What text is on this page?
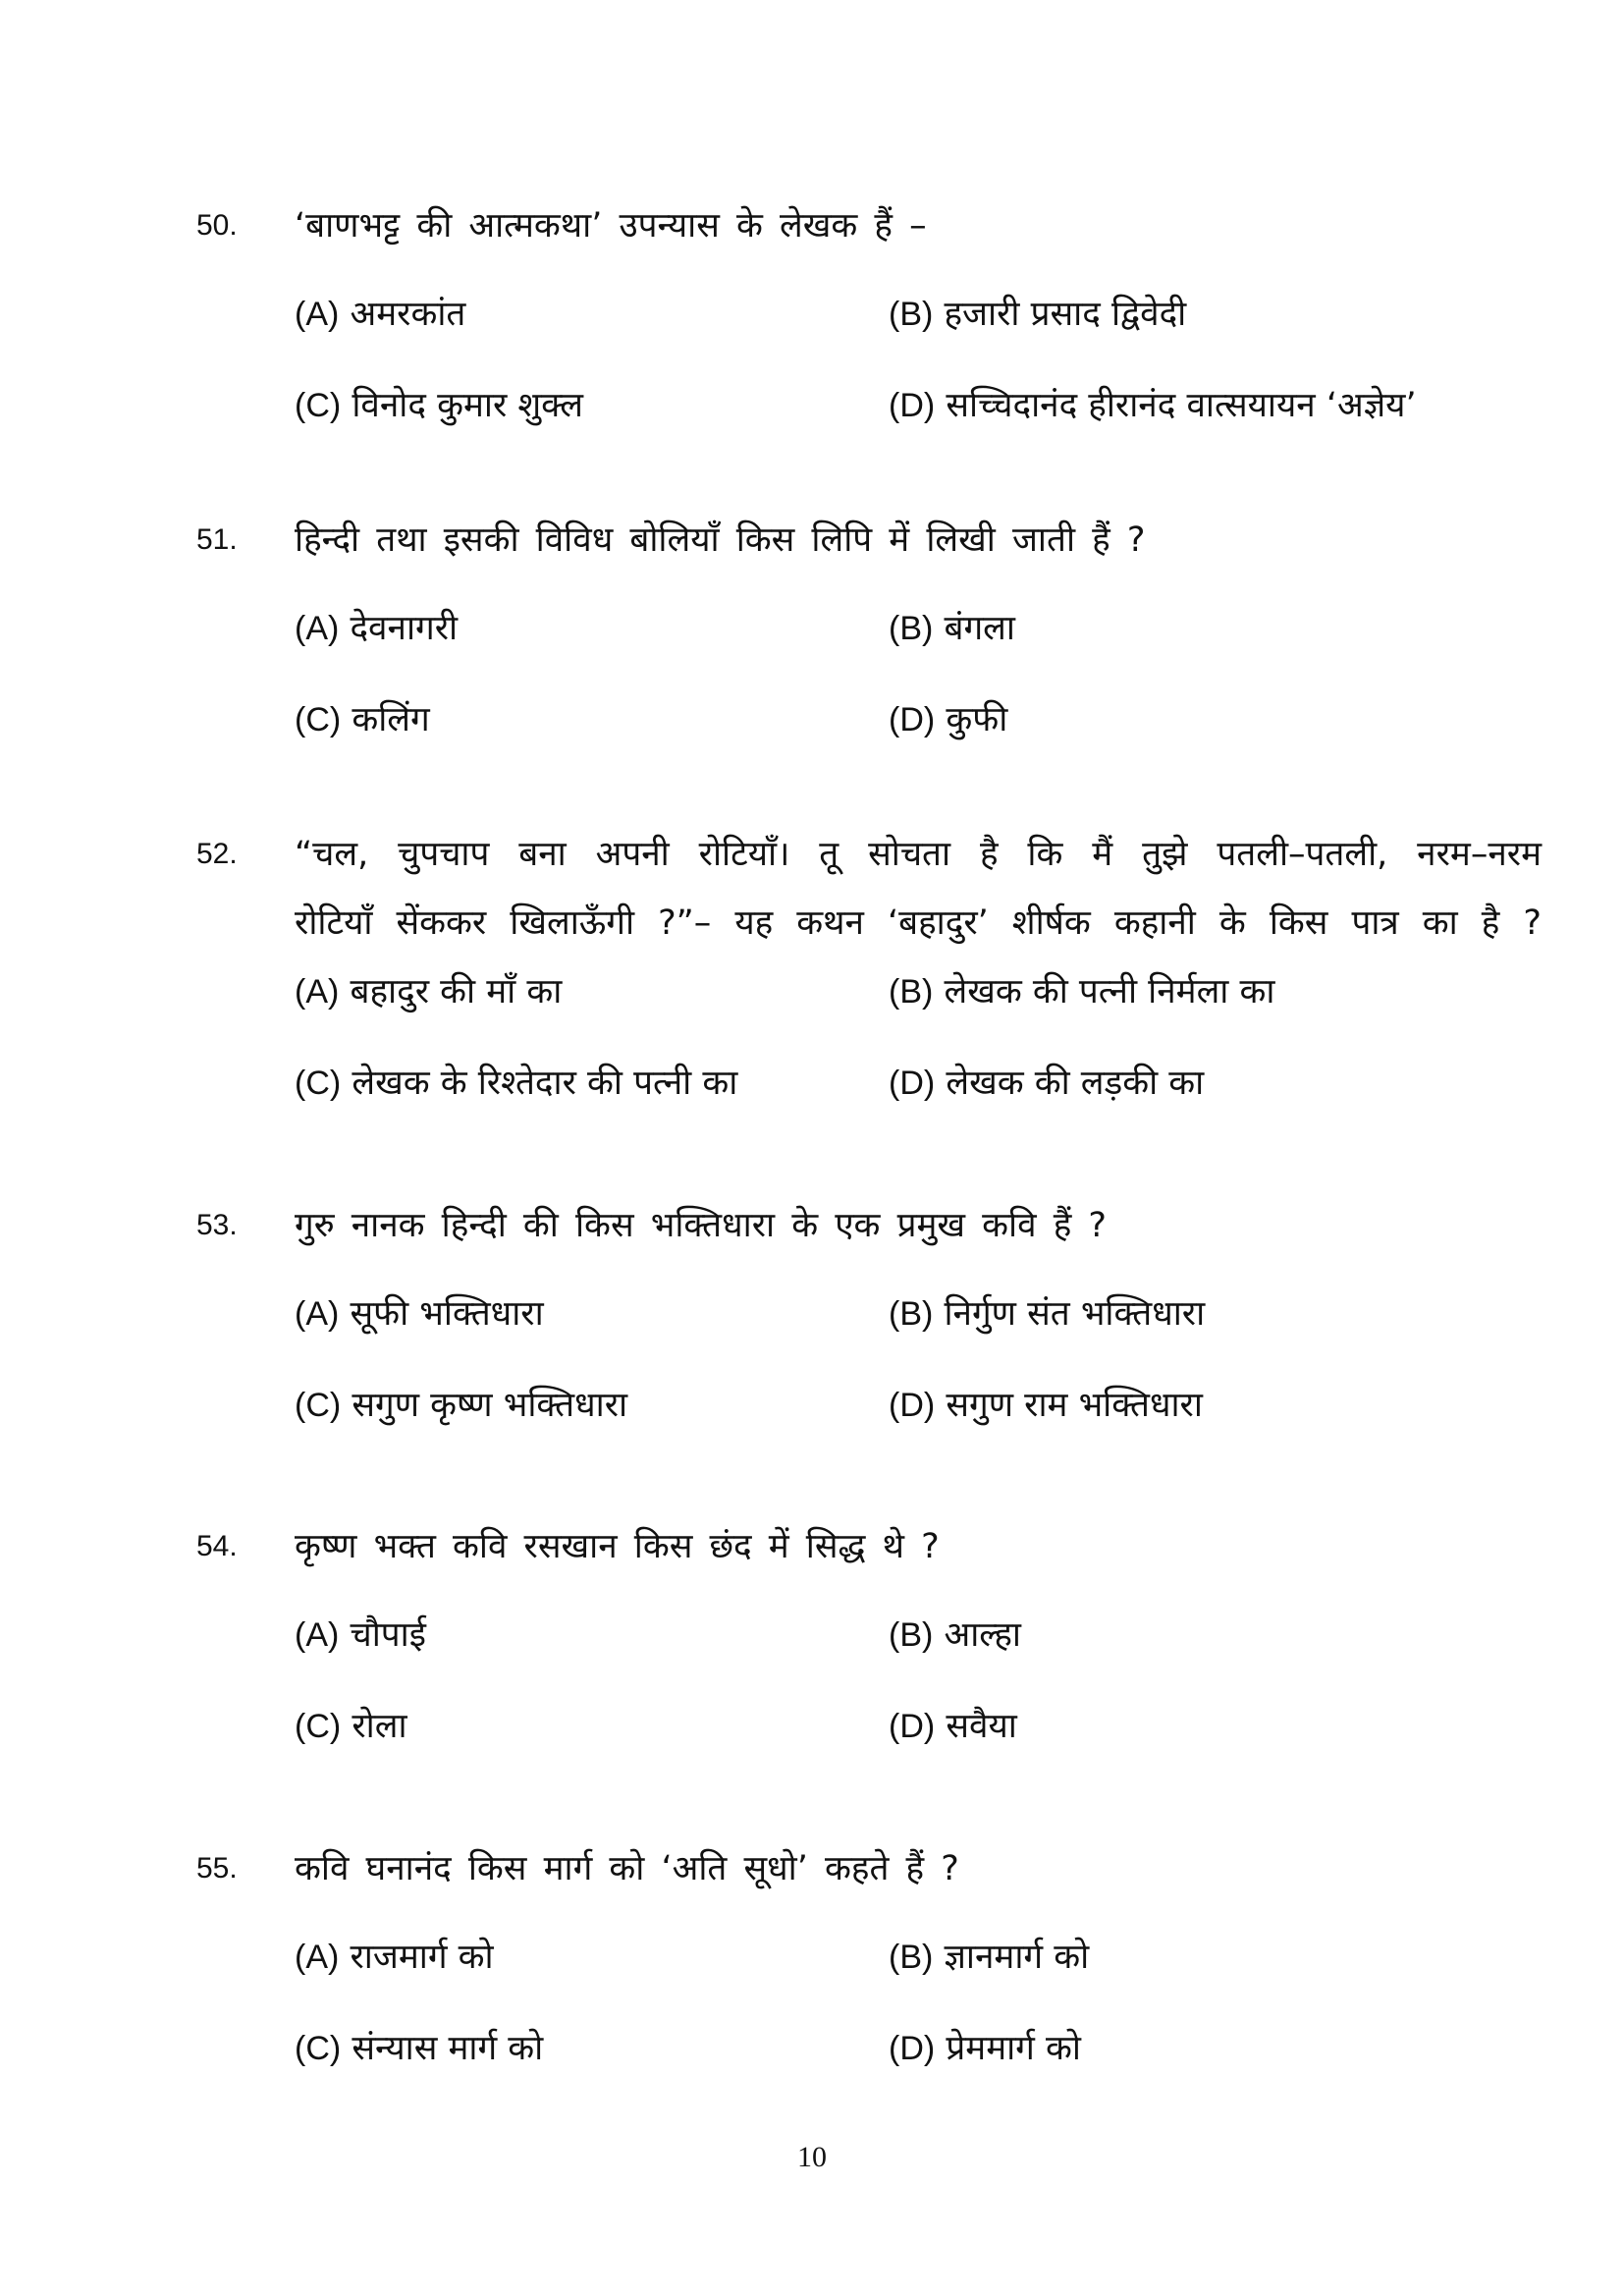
50. ‘बाणभट्ट की आत्मकथा’ उपन्यास के लेखक हैं –
(A) अमरकांत	(B) हजारी प्रसाद द्विवेदी
(C) विनोद कुमार शुक्ल	(D) सच्चिदानंद हीरानंद वात्सयायन ‘अज्ञेय’
51. हिन्दी तथा इसकी विविध बोलियाँ किस लिपि में लिखी जाती हैं ?
(A) देवनागरी	(B) बंगला
(C) कलिंग	(D) कुफी
52. “चल, चुपचाप बना अपनी रोटियाँ। तू सोचता है कि मैं तुझे पतली–पतली, नरम–नरम
रोटियाँ सेंककर खिलाऊँगी ?”– यह कथन ‘बहादुर’ शीर्षक कहानी के किस पात्र का है ?
(A) बहादुर की माँ का	(B) लेखक की पत्नी निर्मला का
(C) लेखक के रिश्तेदार की पत्नी का	(D) लेखक की लड़की का
53. गुरु नानक हिन्दी की किस भक्तिधारा के एक प्रमुख कवि हैं ?
(A) सूफी भक्तिधारा	(B) निर्गुण संत भक्तिधारा
(C) सगुण कृष्ण भक्तिधारा	(D) सगुण राम भक्तिधारा
54. कृष्ण भक्त कवि रसखान किस छंद में सिद्ध थे ?
(A) चौपाई	(B) आल्हा
(C) रोला	(D) सवैया
55. कवि घनानंद किस मार्ग को ‘अति सूधो’ कहते हैं ?
(A) राजमार्ग को	(B) ज्ञानमार्ग को
(C) संन्यास मार्ग को	(D) प्रेममार्ग को
10
